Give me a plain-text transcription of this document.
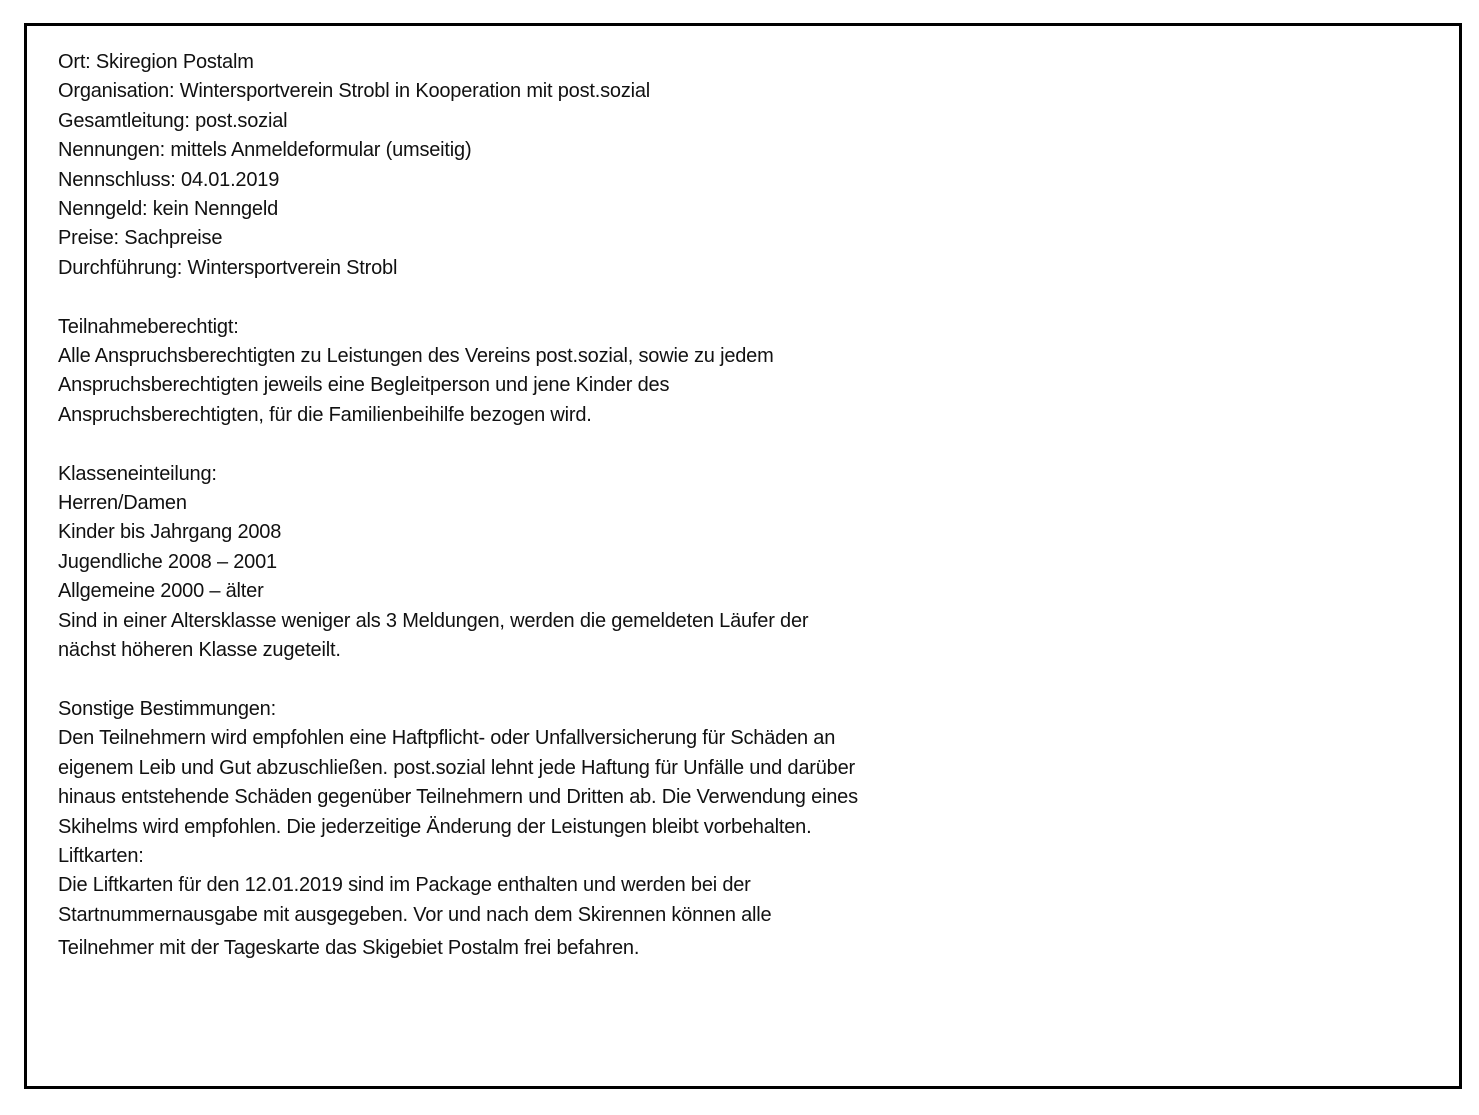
Ort: Skiregion Postalm
Organisation: Wintersportverein Strobl in Kooperation mit post.sozial
Gesamtleitung: post.sozial
Nennungen: mittels Anmeldeformular (umseitig)
Nennschluss: 04.01.2019
Nenngeld: kein Nenngeld
Preise: Sachpreise
Durchführung: Wintersportverein Strobl
Teilnahmeberechtigt:
Alle Anspruchsberechtigten zu Leistungen des Vereins post.sozial, sowie zu jedem
Anspruchsberechtigten jeweils eine Begleitperson und jene Kinder des
Anspruchsberechtigten, für die Familienbeihilfe bezogen wird.
Klasseneinteilung:
Herren/Damen
Kinder bis Jahrgang 2008
Jugendliche 2008 – 2001
Allgemeine 2000 – älter
Sind in einer Altersklasse weniger als 3 Meldungen, werden die gemeldeten Läufer der
nächst höheren Klasse zugeteilt.
Sonstige Bestimmungen:
Den Teilnehmern wird empfohlen eine Haftpflicht- oder Unfallversicherung für Schäden an
eigenem Leib und Gut abzuschließen. post.sozial lehnt jede Haftung für Unfälle und darüber
hinaus entstehende Schäden gegenüber Teilnehmern und Dritten ab. Die Verwendung eines
Skihelms wird empfohlen. Die jederzeitige Änderung der Leistungen bleibt vorbehalten.
Liftkarten:
Die Liftkarten für den 12.01.2019 sind im Package enthalten und werden bei der
Startnummernausgabe mit ausgegeben. Vor und nach dem Skirennen können alle
Teilnehmer mit der Tageskarte das Skigebiet Postalm frei befahren.
